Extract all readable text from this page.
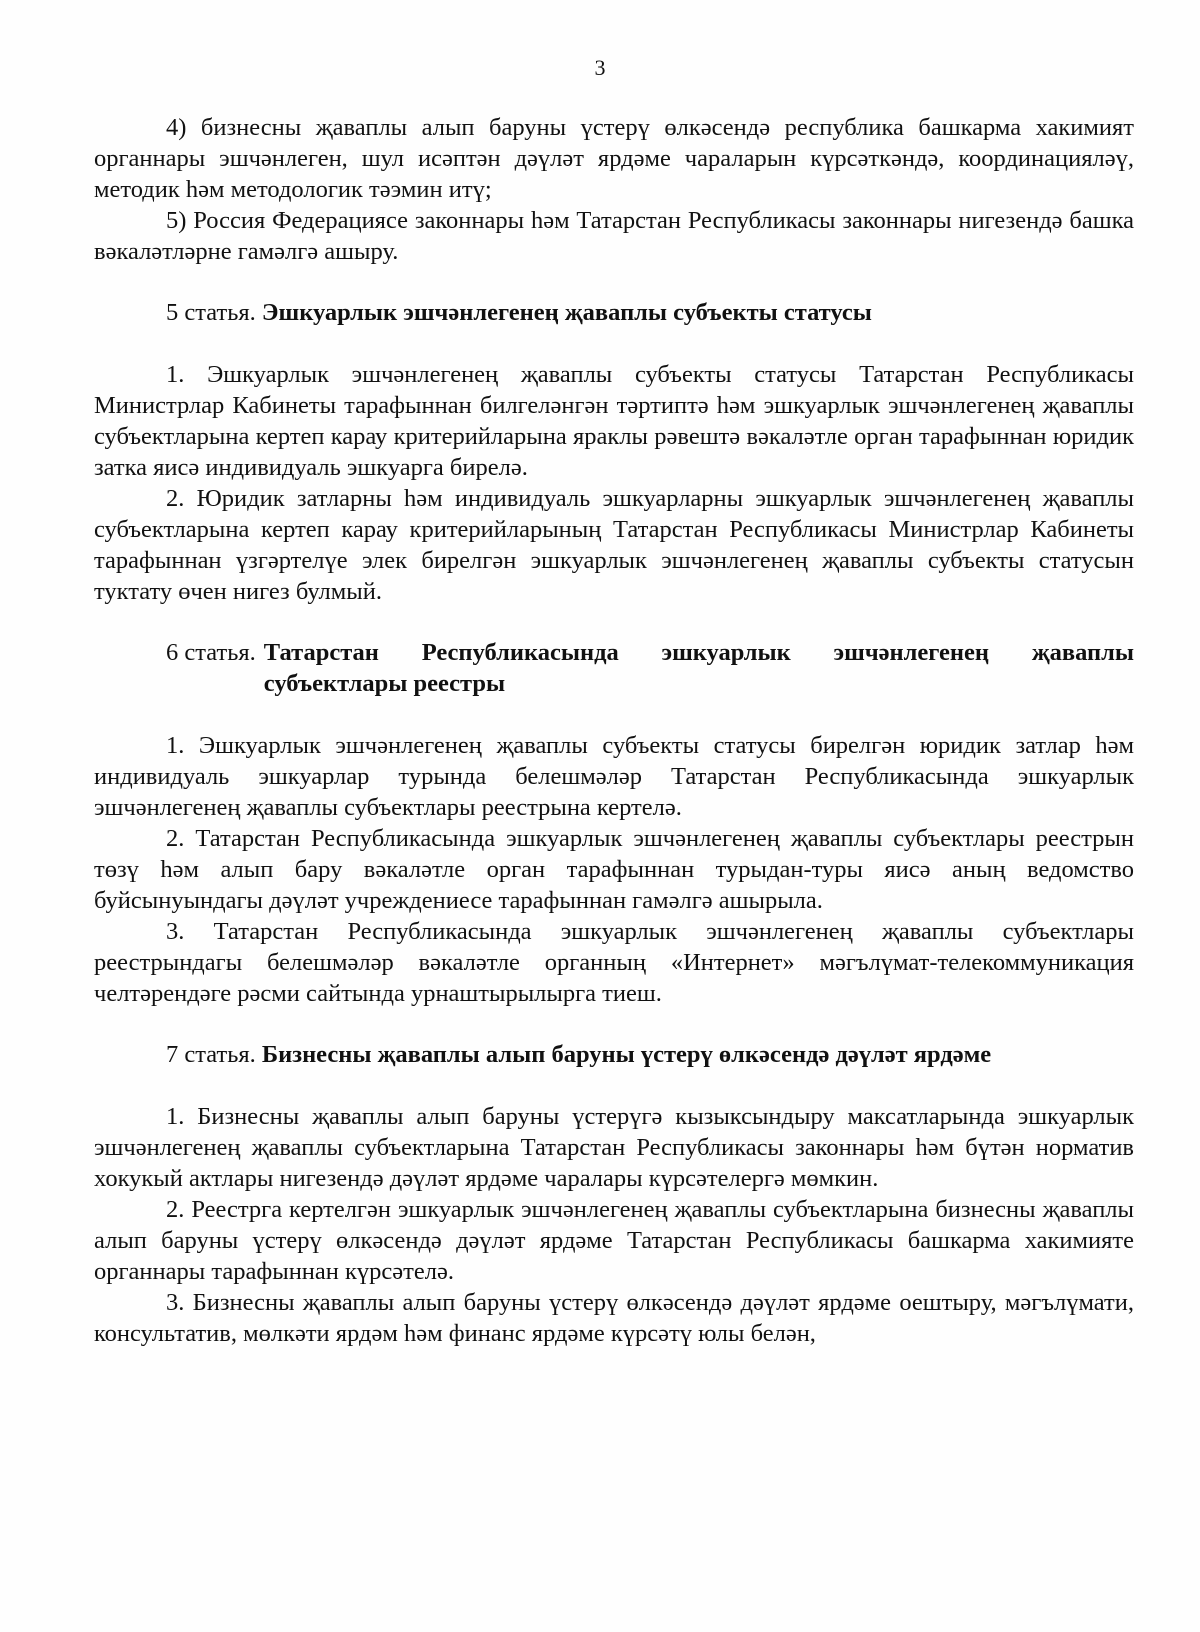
3

4) бизнесны җаваплы алып баруны үстерү өлкәсендә республика башкарма хакимият органнары эшчәнлеген, шул исәптән дәүләт ярдәме чараларын күрсәткәндә, координацияләү, методик һәм методологик тәэмин итү;

5) Россия Федерациясе законнары һәм Татарстан Республикасы законнары нигезендә башка вәкаләтләрне гамәлгә ашыру.

5 статья. Эшкуарлык эшчәнлегенең җаваплы субъекты статусы

1. Эшкуарлык эшчәнлегенең җаваплы субъекты статусы Татарстан Республикасы Министрлар Кабинеты тарафыннан билгеләнгән тәртиптә һәм эшкуарлык эшчәнлегенең җаваплы субъектларына кертеп карау критерийларына яраклы рәвештә вәкаләтле орган тарафыннан юридик затка яисә индивидуаль эшкуарга бирелә.

2. Юридик затларны һәм индивидуаль эшкуарларны эшкуарлык эшчәнлегенең җаваплы субъектларына кертеп карау критерийларының Татарстан Республикасы Министрлар Кабинеты тарафыннан үзгәртелүе элек бирелгән эшкуарлык эшчәнлегенең җаваплы субъекты статусын туктату өчен нигез булмый.

6 статья. Татарстан Республикасында эшкуарлык эшчәнлегенең җаваплы субъектлары реестры

1. Эшкуарлык эшчәнлегенең җаваплы субъекты статусы бирелгән юридик затлар һәм индивидуаль эшкуарлар турында белешмәләр Татарстан Республикасында эшкуарлык эшчәнлегенең җаваплы субъектлары реестрына кертелә.

2. Татарстан Республикасында эшкуарлык эшчәнлегенең җаваплы субъектлары реестрын төзү һәм алып бару вәкаләтле орган тарафыннан турыдан-туры яисә аның ведомство буйсынуындагы дәүләт учреждениесе тарафыннан гамәлгә ашырыла.

3. Татарстан Республикасында эшкуарлык эшчәнлегенең җаваплы субъектлары реестрындагы белешмәләр вәкаләтле органның «Интернет» мәгълүмат-телекоммуникация челтәрендәге рәсми сайтында урнаштырылырга тиеш.

7 статья. Бизнесны җаваплы алып баруны үстерү өлкәсендә дәүләт ярдәме

1. Бизнесны җаваплы алып баруны үстерүгә кызыксындыру максатларында эшкуарлык эшчәнлегенең җаваплы субъектларына Татарстан Республикасы законнары һәм бүтән норматив хокукый актлары нигезендә дәүләт ярдәме чаралары күрсәтелергә мөмкин.

2. Реестрга кертелгән эшкуарлык эшчәнлегенең җаваплы субъектларына бизнесны җаваплы алып баруны үстерү өлкәсендә дәүләт ярдәме Татарстан Республикасы башкарма хакимияте органнары тарафыннан күрсәтелә.

3. Бизнесны җаваплы алып баруны үстерү өлкәсендә дәүләт ярдәме оештыру, мәгълүмати, консультатив, мөлкәти ярдәм һәм финанс ярдәме күрсәтү юлы белән,
